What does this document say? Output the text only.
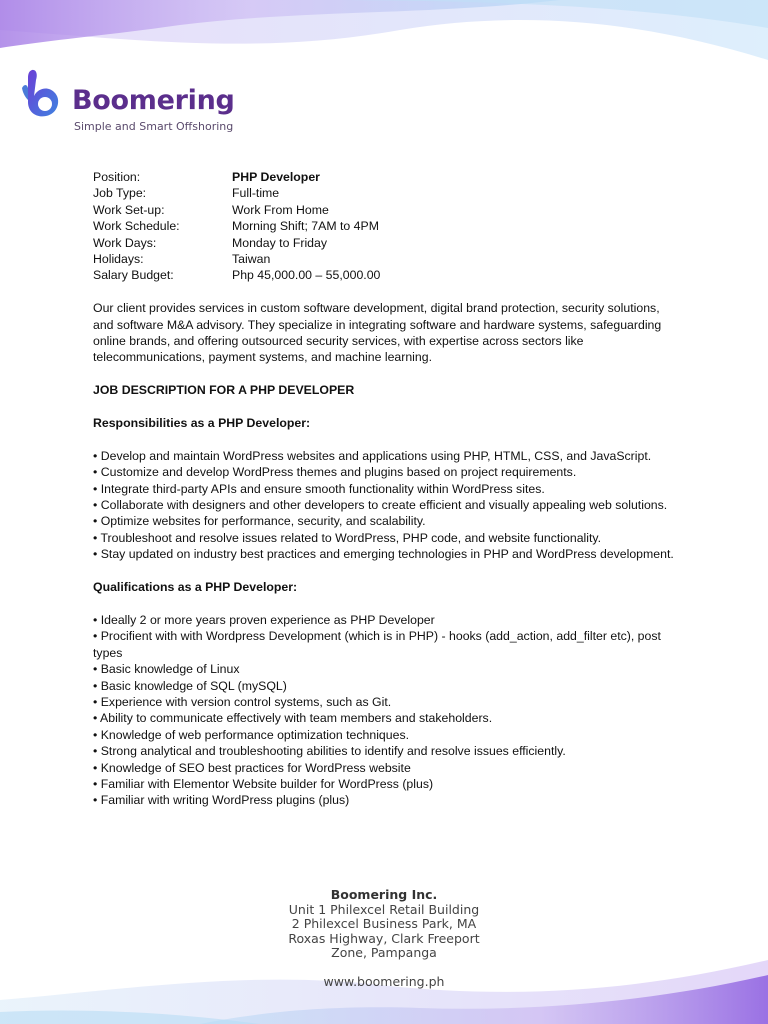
Boomering
Simple and Smart Offshoring
Position:	PHP Developer
Job Type:	Full-time
Work Set-up:	Work From Home
Work Schedule:	Morning Shift; 7AM to 4PM
Work Days:	Monday to Friday
Holidays:	Taiwan
Salary Budget:	Php 45,000.00 – 55,000.00

Our client provides services in custom software development, digital brand protection, security solutions, and software M&A advisory. They specialize in integrating software and hardware systems, safeguarding online brands, and offering outsourced security services, with expertise across sectors like telecommunications, payment systems, and machine learning.

JOB DESCRIPTION FOR A PHP DEVELOPER

Responsibilities as a PHP Developer:

• Develop and maintain WordPress websites and applications using PHP, HTML, CSS, and JavaScript.
• Customize and develop WordPress themes and plugins based on project requirements.
• Integrate third-party APIs and ensure smooth functionality within WordPress sites.
• Collaborate with designers and other developers to create efficient and visually appealing web solutions.
• Optimize websites for performance, security, and scalability.
• Troubleshoot and resolve issues related to WordPress, PHP code, and website functionality.
• Stay updated on industry best practices and emerging technologies in PHP and WordPress development.

Qualifications as a PHP Developer:

• Ideally 2 or more years proven experience as PHP Developer
• Procifient with with Wordpress Development (which is in PHP) - hooks (add_action, add_filter etc), post types
• Basic knowledge of Linux
• Basic knowledge of SQL (mySQL)
• Experience with version control systems, such as Git.
• Ability to communicate effectively with team members and stakeholders.
• Knowledge of web performance optimization techniques.
• Strong analytical and troubleshooting abilities to identify and resolve issues efficiently.
• Knowledge of SEO best practices for WordPress website
• Familiar with Elementor Website builder for WordPress (plus)
• Familiar with writing WordPress plugins (plus)
Boomering Inc.
Unit 1 Philexcel Retail Building
2 Philexcel Business Park, MA
Roxas Highway, Clark Freeport
Zone, Pampanga
www.boomering.ph
